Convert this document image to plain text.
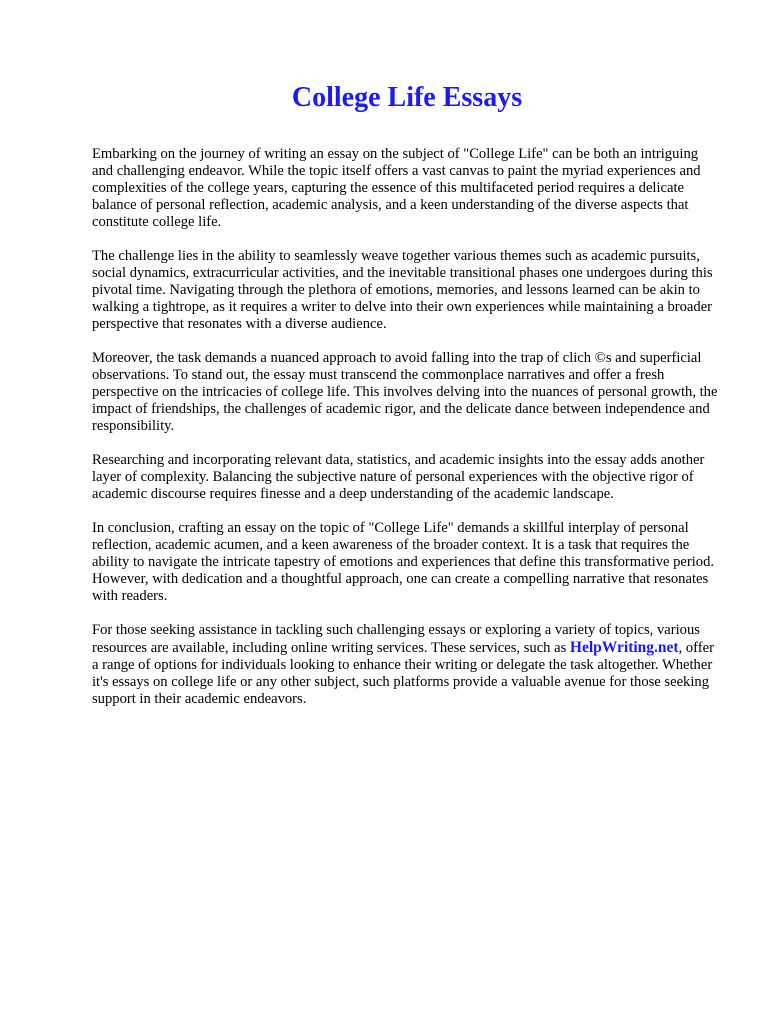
College Life Essays

Embarking on the journey of writing an essay on the subject of "College Life" can be both an intriguing and challenging endeavor. While the topic itself offers a vast canvas to paint the myriad experiences and complexities of the college years, capturing the essence of this multifaceted period requires a delicate balance of personal reflection, academic analysis, and a keen understanding of the diverse aspects that constitute college life.

The challenge lies in the ability to seamlessly weave together various themes such as academic pursuits, social dynamics, extracurricular activities, and the inevitable transitional phases one undergoes during this pivotal time. Navigating through the plethora of emotions, memories, and lessons learned can be akin to walking a tightrope, as it requires a writer to delve into their own experiences while maintaining a broader perspective that resonates with a diverse audience.

Moreover, the task demands a nuanced approach to avoid falling into the trap of clich ©s and superficial observations. To stand out, the essay must transcend the commonplace narratives and offer a fresh perspective on the intricacies of college life. This involves delving into the nuances of personal growth, the impact of friendships, the challenges of academic rigor, and the delicate dance between independence and responsibility.

Researching and incorporating relevant data, statistics, and academic insights into the essay adds another layer of complexity. Balancing the subjective nature of personal experiences with the objective rigor of academic discourse requires finesse and a deep understanding of the academic landscape.

In conclusion, crafting an essay on the topic of "College Life" demands a skillful interplay of personal reflection, academic acumen, and a keen awareness of the broader context. It is a task that requires the ability to navigate the intricate tapestry of emotions and experiences that define this transformative period. However, with dedication and a thoughtful approach, one can create a compelling narrative that resonates with readers.

For those seeking assistance in tackling such challenging essays or exploring a variety of topics, various resources are available, including online writing services. These services, such as HelpWriting.net, offer a range of options for individuals looking to enhance their writing or delegate the task altogether. Whether it's essays on college life or any other subject, such platforms provide a valuable avenue for those seeking support in their academic endeavors.
